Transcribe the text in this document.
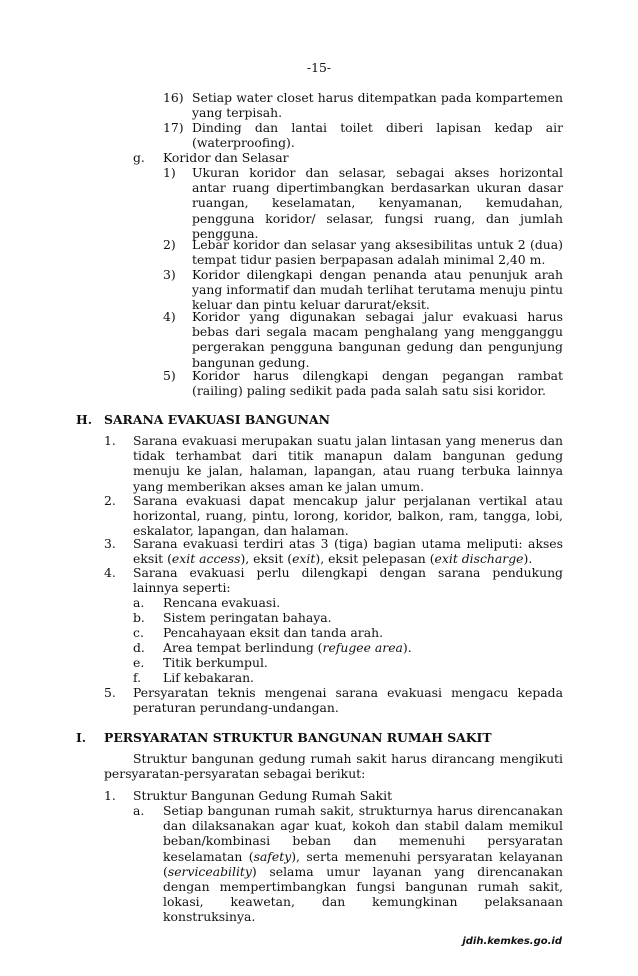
-15-
16) Setiap water closet harus ditempatkan pada kompartemen yang terpisah.
17) Dinding dan lantai toilet diberi lapisan kedap air (waterproofing).
g. Koridor dan Selasar
1) Ukuran koridor dan selasar, sebagai akses horizontal antar ruang dipertimbangkan berdasarkan ukuran dasar ruangan, keselamatan, kenyamanan, kemudahan, pengguna koridor/ selasar, fungsi ruang, dan jumlah pengguna.
2) Lebar koridor dan selasar yang aksesibilitas untuk 2 (dua) tempat tidur pasien berpapasan adalah minimal 2,40 m.
3) Koridor dilengkapi dengan penanda atau penunjuk arah yang informatif dan mudah terlihat terutama menuju pintu keluar dan pintu keluar darurat/eksit.
4) Koridor yang digunakan sebagai jalur evakuasi harus bebas dari segala macam penghalang yang mengganggu pergerakan pengguna bangunan gedung dan pengunjung bangunan gedung.
5) Koridor harus dilengkapi dengan pegangan rambat (railing) paling sedikit pada pada salah satu sisi koridor.
H. SARANA EVAKUASI BANGUNAN
1. Sarana evakuasi merupakan suatu jalan lintasan yang menerus dan tidak terhambat dari titik manapun dalam bangunan gedung menuju ke jalan, halaman, lapangan, atau ruang terbuka lainnya yang memberikan akses aman ke jalan umum.
2. Sarana evakuasi dapat mencakup jalur perjalanan vertikal atau horizontal, ruang, pintu, lorong, koridor, balkon, ram, tangga, lobi, eskalator, lapangan, dan halaman.
3. Sarana evakuasi terdiri atas 3 (tiga) bagian utama meliputi: akses eksit (exit access), eksit (exit), eksit pelepasan (exit discharge).
4. Sarana evakuasi perlu dilengkapi dengan sarana pendukung lainnya seperti:
a. Rencana evakuasi.
b. Sistem peringatan bahaya.
c. Pencahayaan eksit dan tanda arah.
d. Area tempat berlindung (refugee area).
e. Titik berkumpul.
f. Lif kebakaran.
5. Persyaratan teknis mengenai sarana evakuasi mengacu kepada peraturan perundang-undangan.
I. PERSYARATAN STRUKTUR BANGUNAN RUMAH SAKIT
Struktur bangunan gedung rumah sakit harus dirancang mengikuti persyaratan-persyaratan sebagai berikut:
1. Struktur Bangunan Gedung Rumah Sakit
a. Setiap bangunan rumah sakit, strukturnya harus direncanakan dan dilaksanakan agar kuat, kokoh dan stabil dalam memikul beban/kombinasi beban dan memenuhi persyaratan keselamatan (safety), serta memenuhi persyaratan kelayanan (serviceability) selama umur layanan yang direncanakan dengan mempertimbangkan fungsi bangunan rumah sakit, lokasi, keawetan, dan kemungkinan pelaksanaan konstruksinya.
jdih.kemkes.go.id
